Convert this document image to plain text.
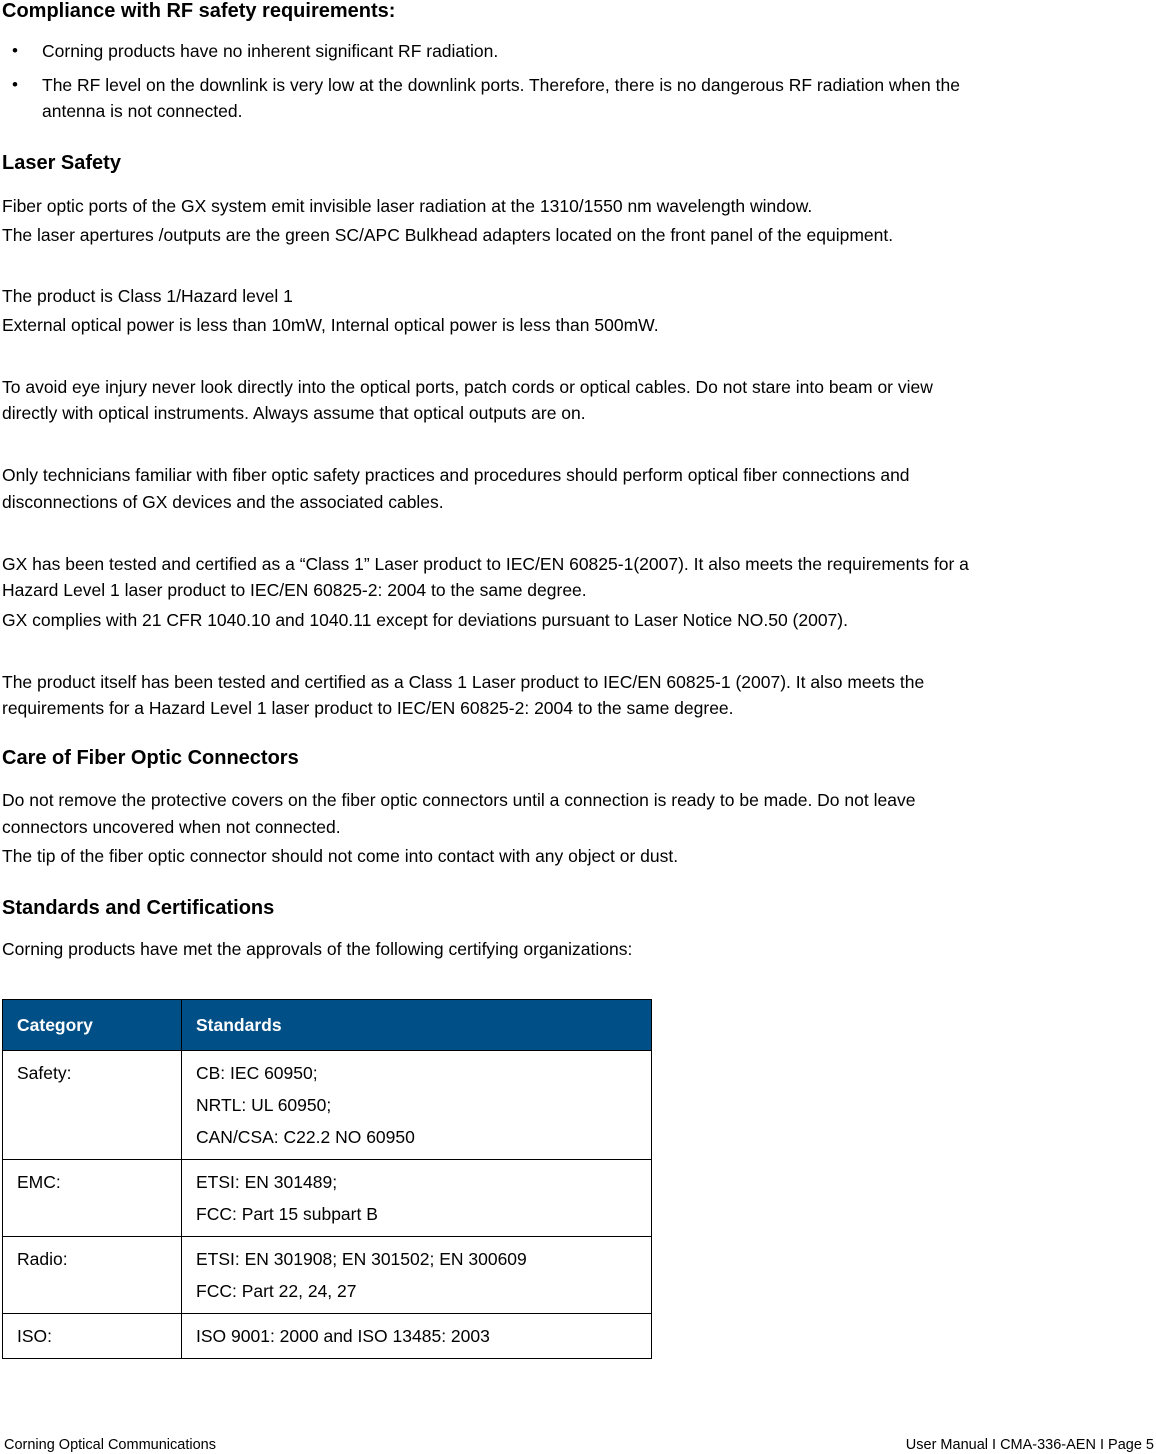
Compliance with RF safety requirements:
• Corning products have no inherent significant RF radiation.
• The RF level on the downlink is very low at the downlink ports. Therefore, there is no dangerous RF radiation when the
antenna is not connected.
Laser Safety
Fiber optic ports of the GX system emit invisible laser radiation at the 1310/1550 nm wavelength window.
The laser apertures /outputs are the green SC/APC Bulkhead adapters located on the front panel of the equipment.
The product is Class 1/Hazard level 1
External optical power is less than 10mW, Internal optical power is less than 500mW.
To avoid eye injury never look directly into the optical ports, patch cords or optical cables. Do not stare into beam or view
directly with optical instruments. Always assume that optical outputs are on.
Only technicians familiar with fiber optic safety practices and procedures should perform optical fiber connections and
disconnections of GX devices and the associated cables.
GX has been tested and certified as a “Class 1” Laser product to IEC/EN 60825-1(2007). It also meets the requirements for a
Hazard Level 1 laser product to IEC/EN 60825-2: 2004 to the same degree.
GX complies with 21 CFR 1040.10 and 1040.11 except for deviations pursuant to Laser Notice NO.50 (2007).
The product itself has been tested and certified as a Class 1 Laser product to IEC/EN 60825-1 (2007). It also meets the
requirements for a Hazard Level 1 laser product to IEC/EN 60825-2: 2004 to the same degree.
Care of Fiber Optic Connectors
Do not remove the protective covers on the fiber optic connectors until a connection is ready to be made. Do not leave
connectors uncovered when not connected.
The tip of the fiber optic connector should not come into contact with any object or dust.
Standards and Certifications
Corning products have met the approvals of the following certifying organizations:
Category	Standards
Safety:	CB: IEC 60950;
NRTL: UL 60950;
CAN/CSA: C22.2 NO 60950

EMC:	ETSI: EN 301489;
FCC: Part 15 subpart B

Radio:	ETSI: EN 301908; EN 301502; EN 300609
FCC: Part 22, 24, 27

ISO:	ISO 9001: 2000 and ISO 13485: 2003
Corning Optical Communications	User Manual I CMA-336-AEN I Page 5
